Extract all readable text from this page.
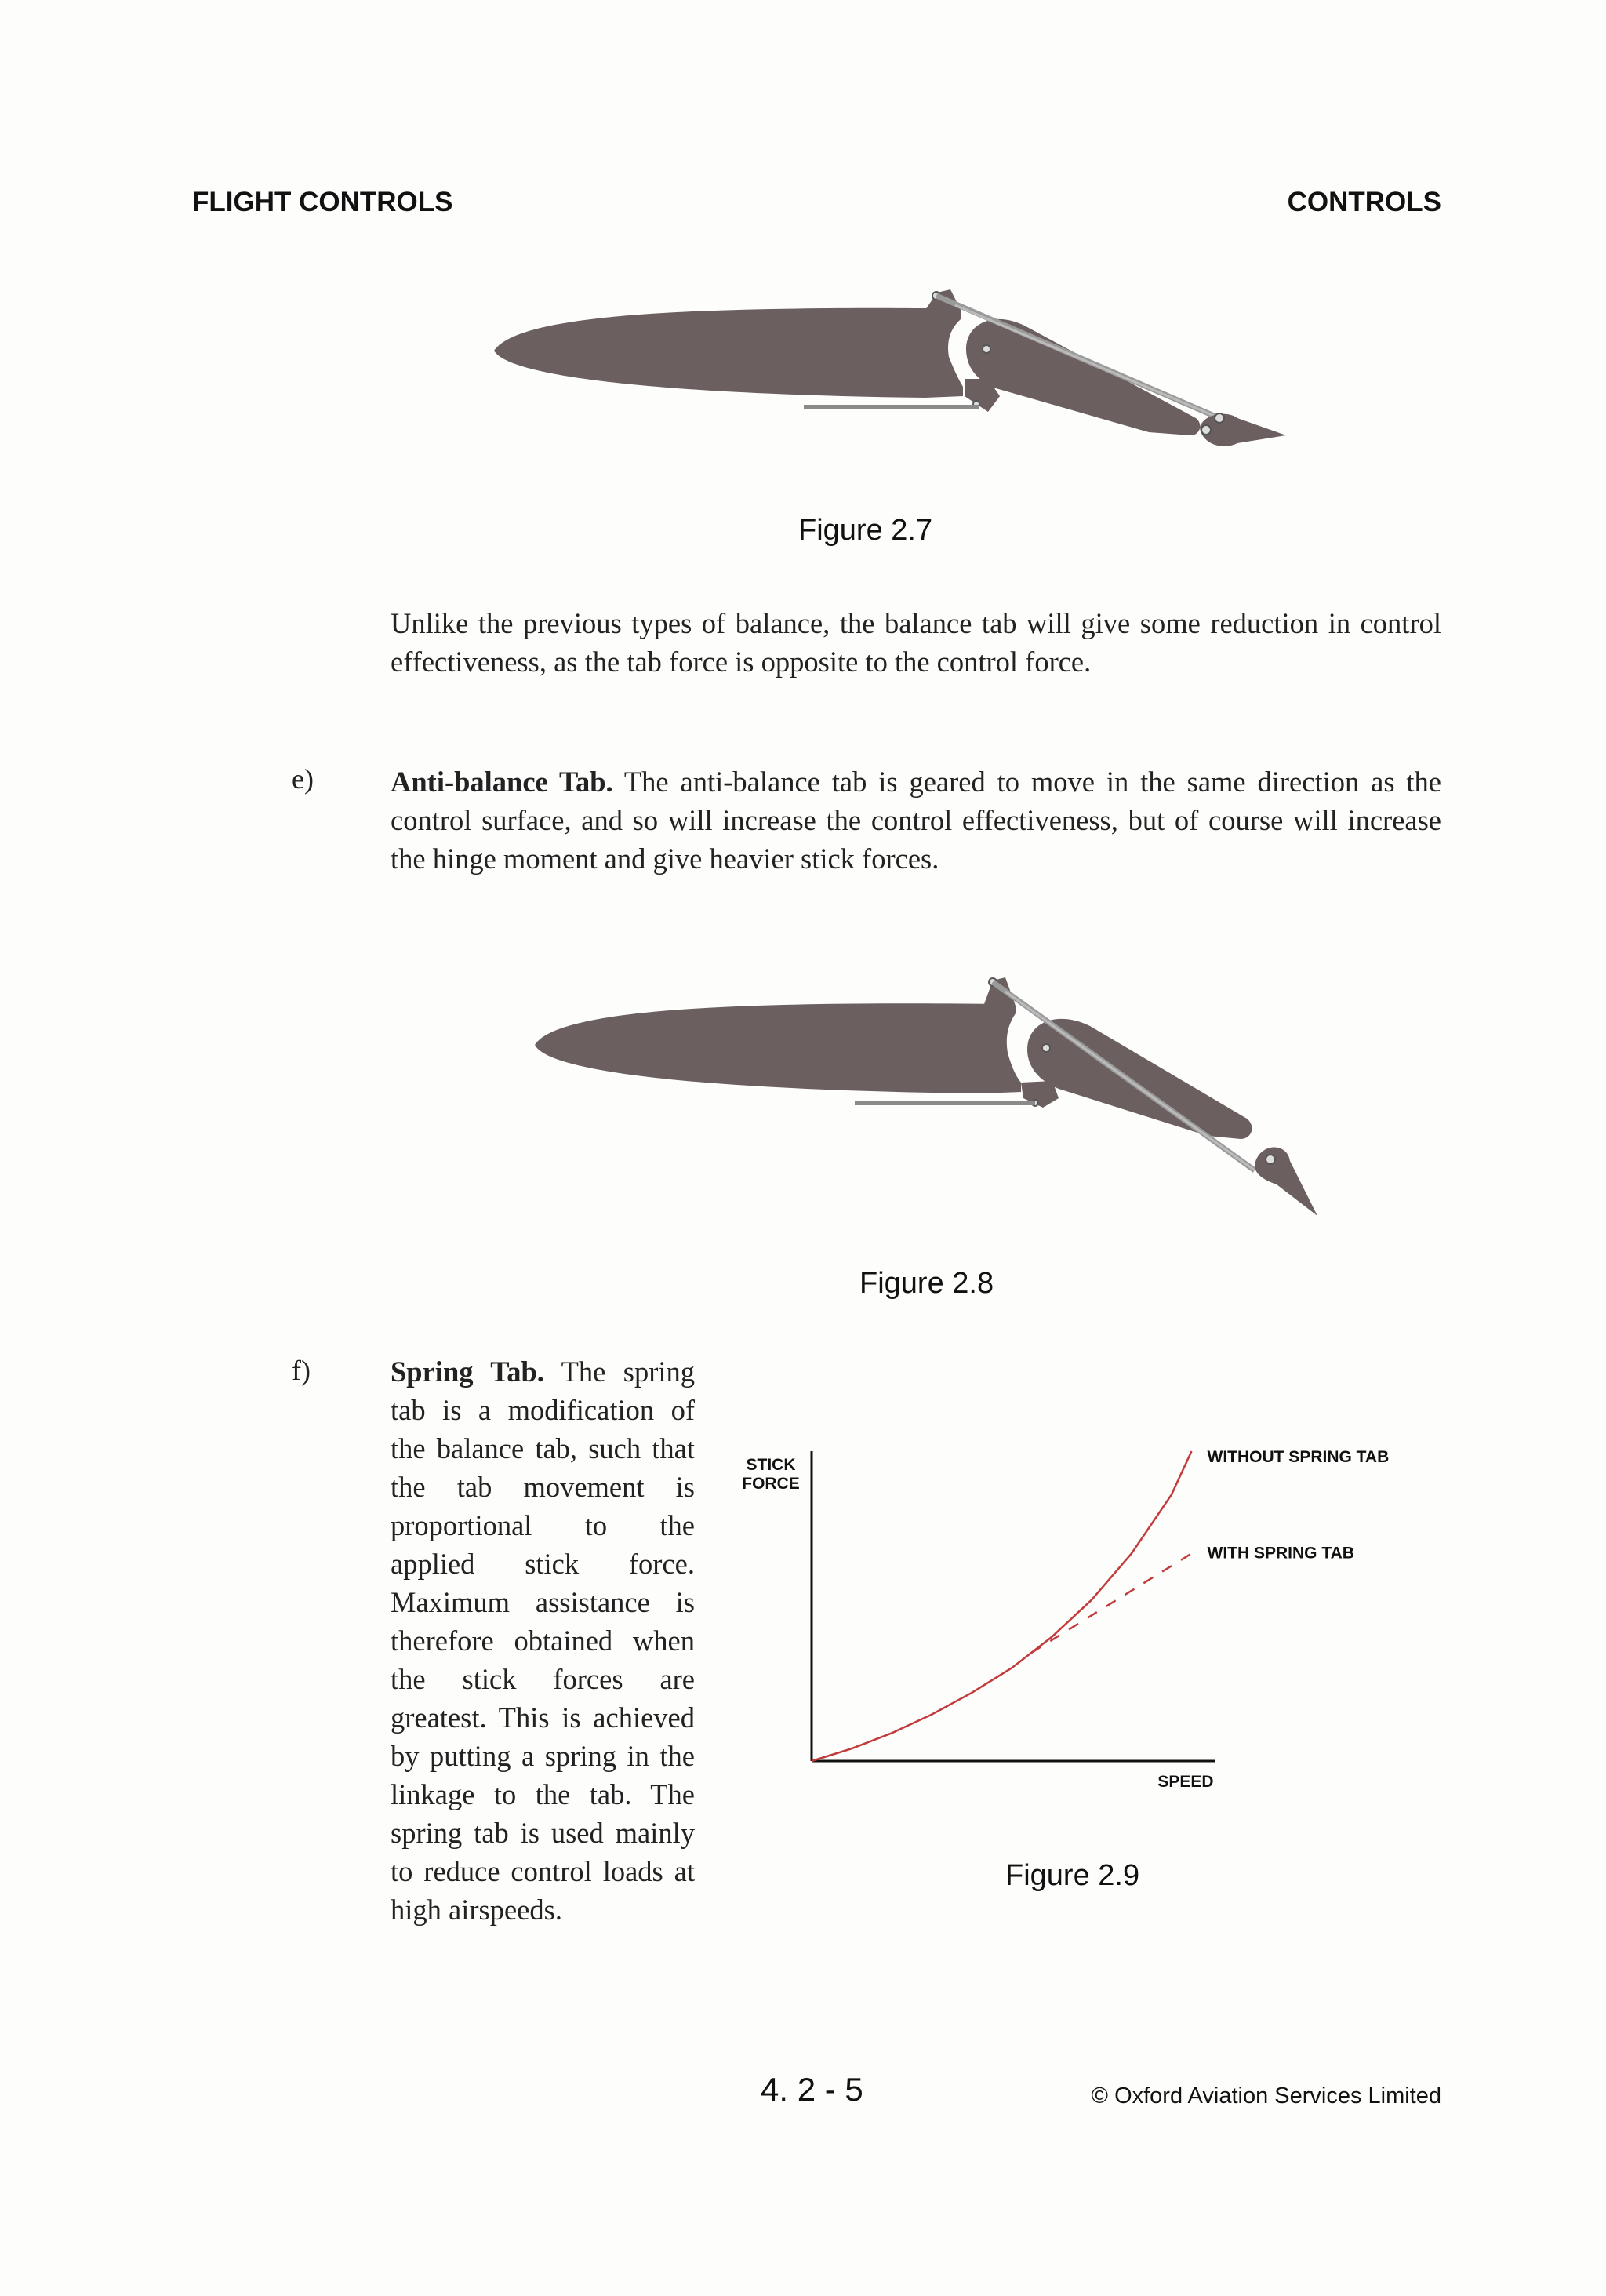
FLIGHT CONTROLS	CONTROLS
Figure 2.7
Unlike the previous types of balance, the balance tab will give some reduction in control effectiveness, as the tab force is opposite to the control force.
e)	Anti-balance Tab. The anti-balance tab is geared to move in the same direction as the control surface, and so will increase the control effectiveness, but of course will increase the hinge moment and give heavier stick forces.
Figure 2.8
f)	Spring Tab. The spring tab is a modification of the balance tab, such that the tab movement is proportional to the applied stick force. Maximum assistance is therefore obtained when the stick forces are greatest. This is achieved by putting a spring in the linkage to the tab. The spring tab is used mainly to reduce control loads at high airspeeds.
STICK
FORCE
SPEED
WITHOUT SPRING TAB
WITH SPRING TAB
Figure 2.9
4. 2 - 5	© Oxford Aviation Services Limited
